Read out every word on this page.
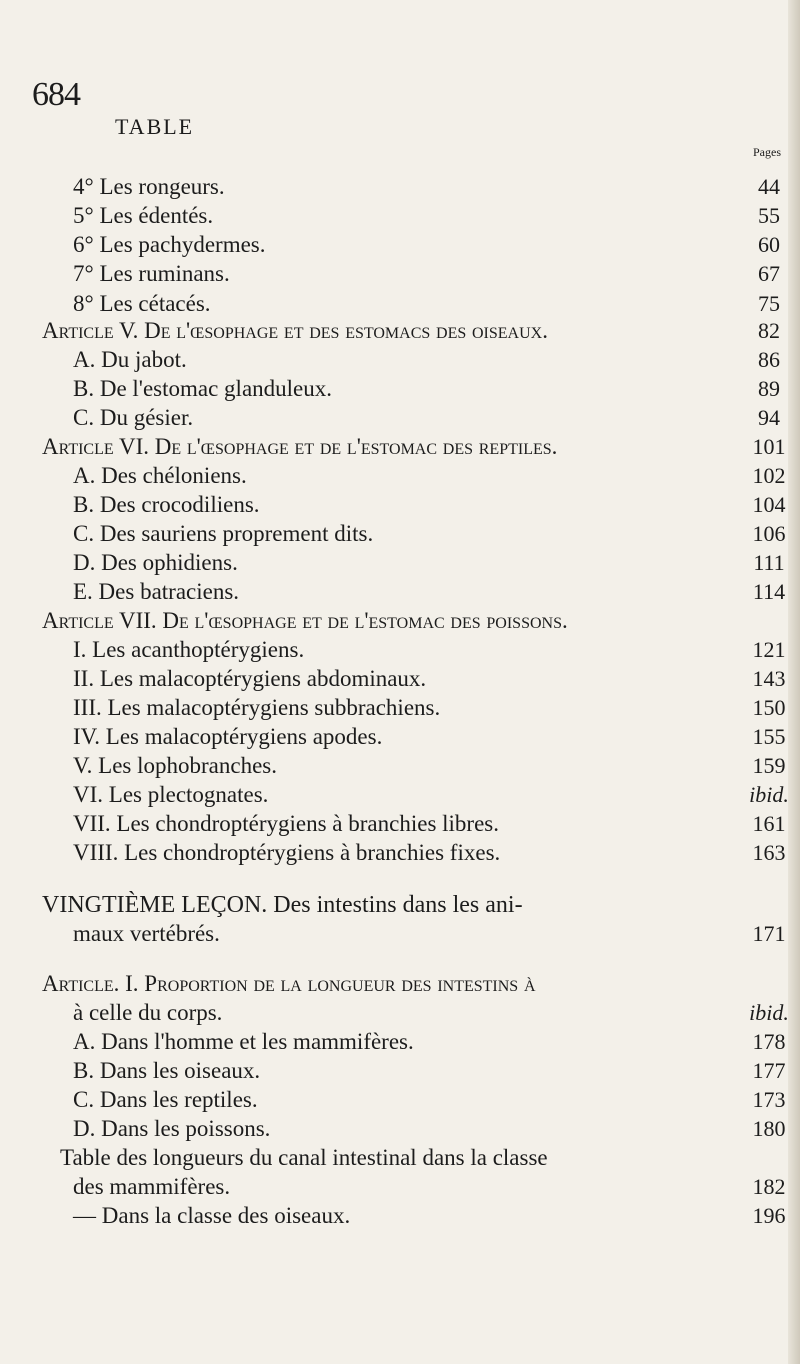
684
TABLE
Pages
4° Les rongeurs.	44
5° Les édentés.	55
6° Les pachydermes.	60
7° Les ruminans.	67
8° Les cétacés.	75
Article V. De l'œsophage et des estomacs des oiseaux.	82
A. Du jabot.	86
B. De l'estomac glanduleux.	89
C. Du gésier.	94
Article VI. De l'œsophage et de l'estomac des reptiles.	101
A. Des chéloniens.	102
B. Des crocodiliens.	104
C. Des sauriens proprement dits.	106
D. Des ophidiens.	111
E. Des batraciens.	114
Article VII. De l'œsophage et de l'estomac des poissons.
I. Les acanthoptérygiens.	121
II. Les malacoptérygiens abdominaux.	143
III. Les malacoptérygiens subbrachiens.	150
IV. Les malacoptérygiens apodes.	155
V. Les lophobranches.	159
VI. Les plectognates.	ibid.
VII. Les chondroptérygiens à branchies libres.	161
VIII. Les chondroptérygiens à branchies fixes.	163
VINGTIÈME LEÇON. Des intestins dans les ani-
maux vertébrés.	171
Article. I. Proportion de la longueur des intestins à
à celle du corps.	ibid.
A. Dans l'homme et les mammifères.	178
B. Dans les oiseaux.	177
C. Dans les reptiles.	173
D. Dans les poissons.	180
Table des longueurs du canal intestinal dans la classe
des mammifères.	182
— Dans la classe des oiseaux.	196
